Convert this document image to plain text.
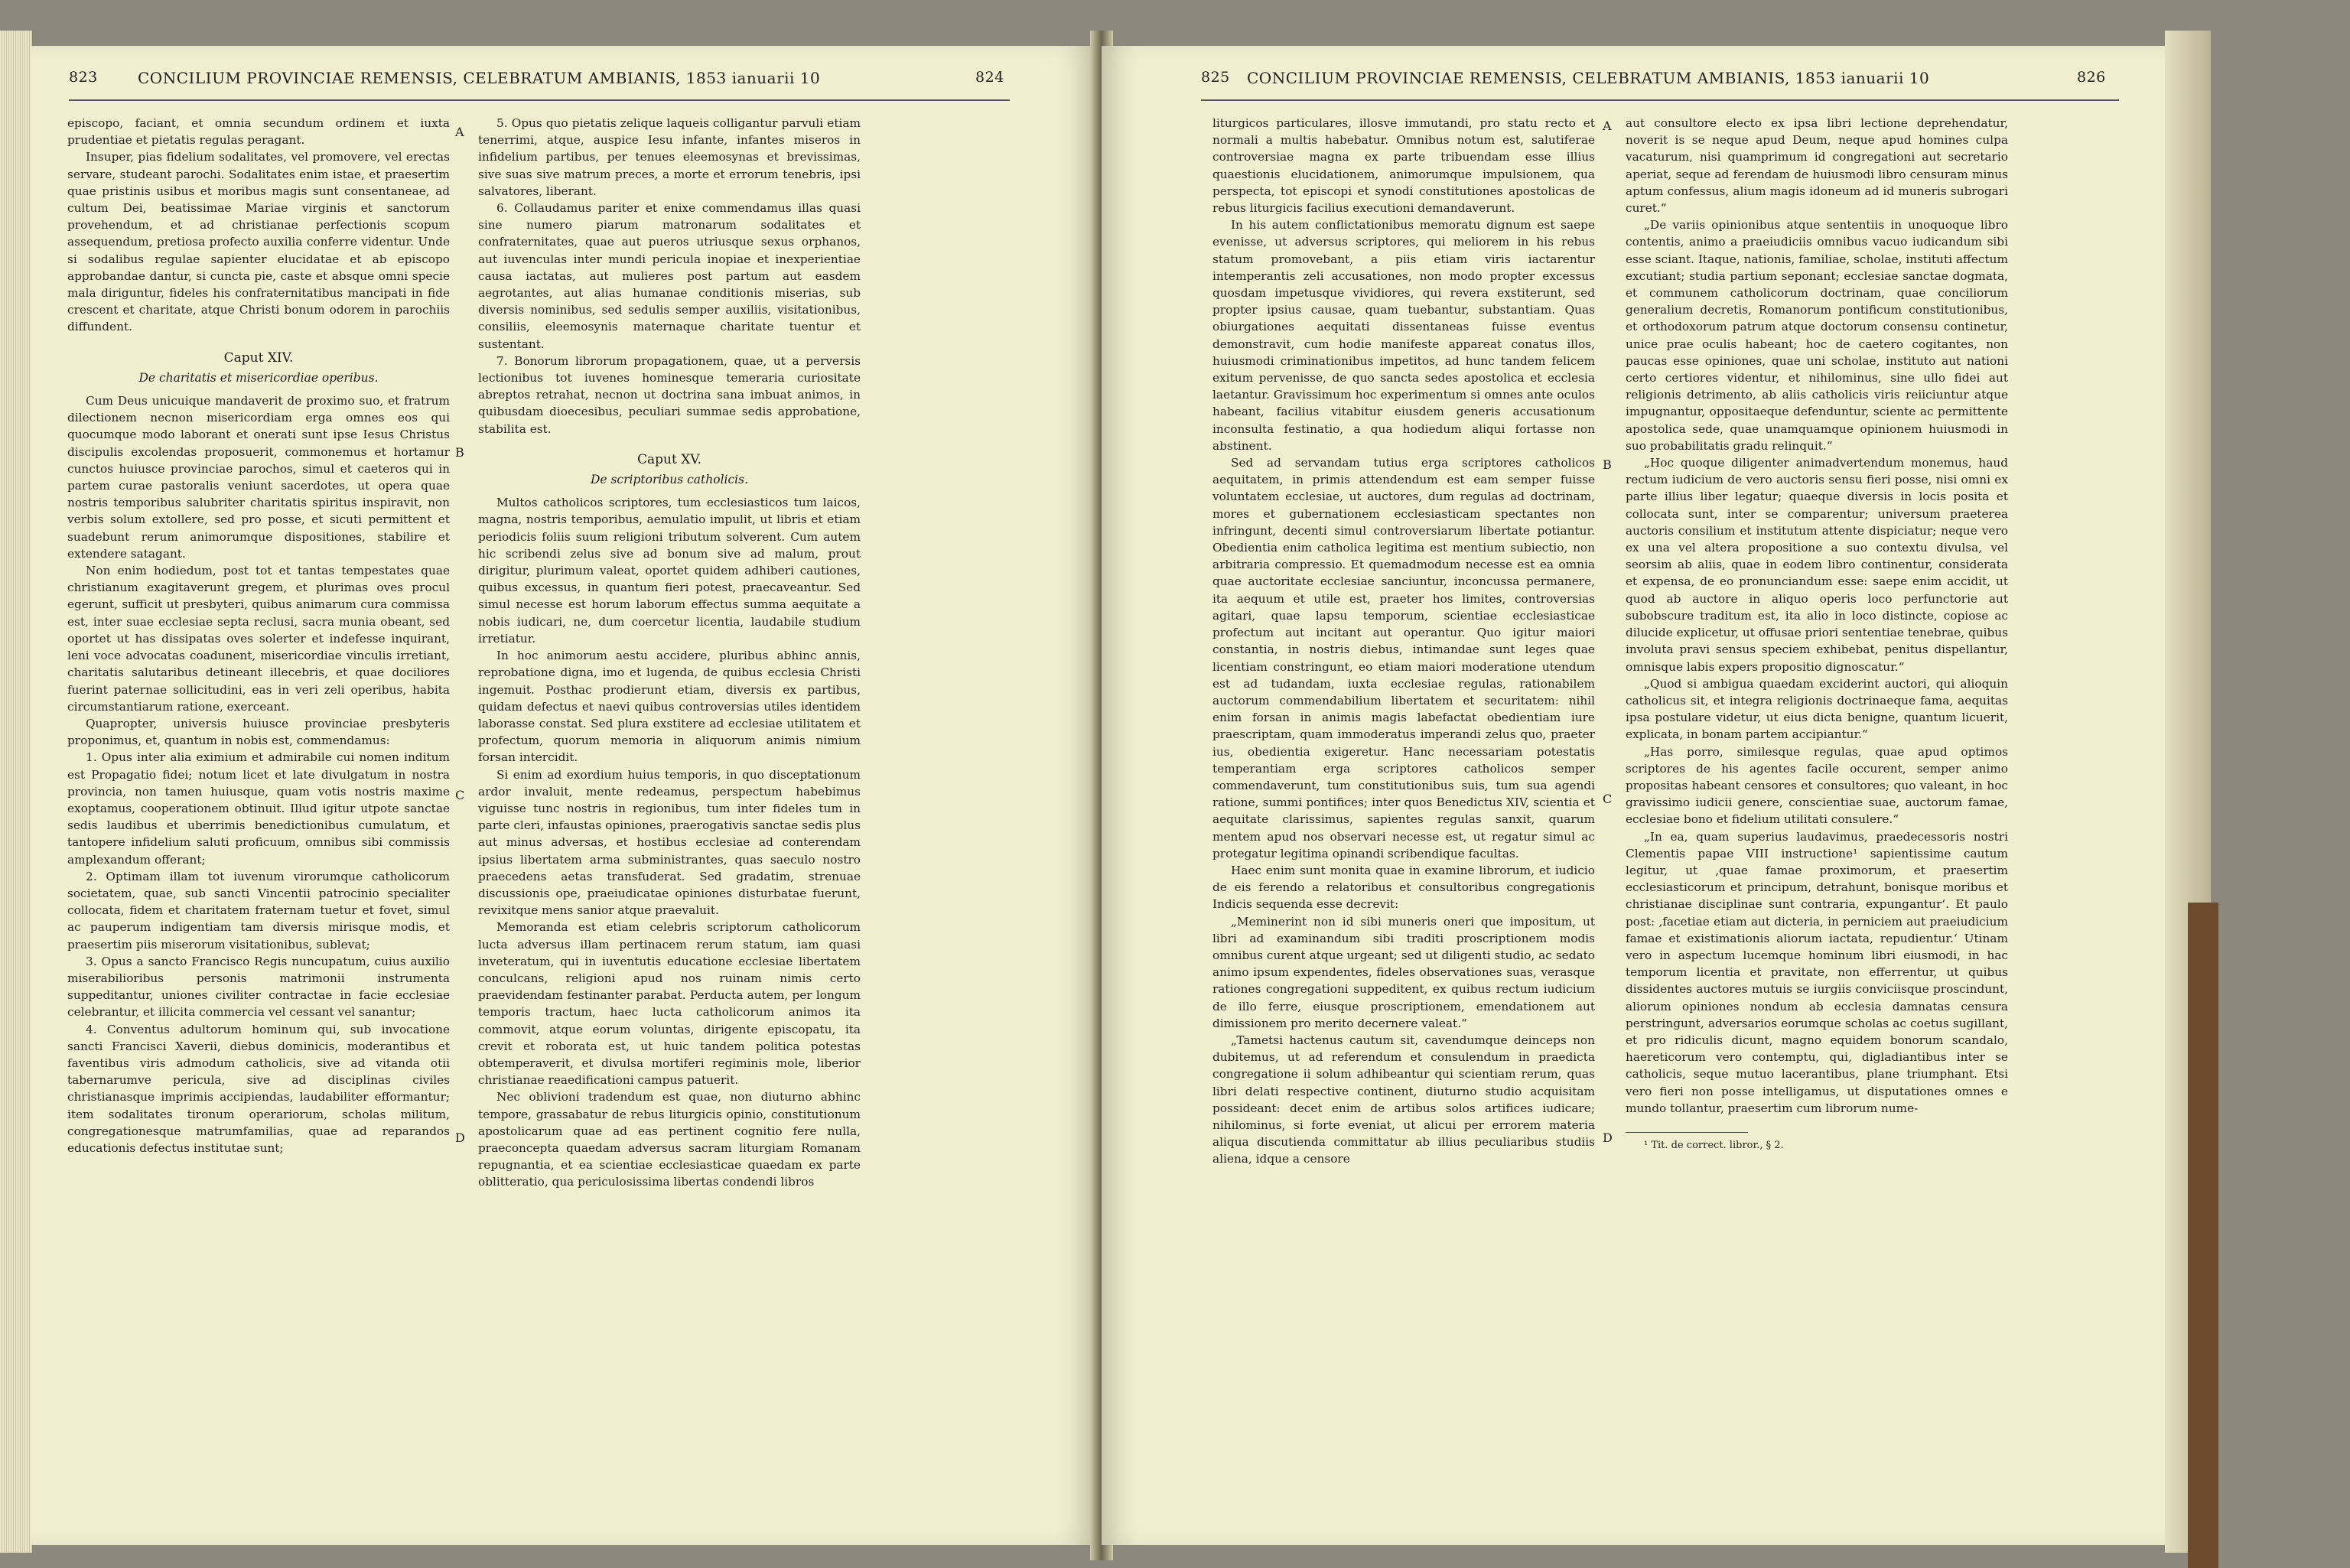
823	CONCILIUM PROVINCIAE REMENSIS, CELEBRATUM AMBIANIS, 1853 ianuarii 10	824
A
B
C
D

episcopo, faciant, et omnia secundum ordinem et iuxta prudentiae et pietatis regulas peragant.

Insuper, pias fidelium sodalitates, vel promovere, vel erectas servare, studeant parochi. Sodalitates enim istae, et praesertim quae pristinis usibus et moribus magis sunt consentaneae, ad cultum Dei, beatissimae Mariae virginis et sanctorum provehendum, et ad christianae perfectionis scopum assequendum, pretiosa profecto auxilia conferre videntur. Unde si sodalibus regulae sapienter elucidatae et ab episcopo approbandae dantur, si cuncta pie, caste et absque omni specie mala diriguntur, fideles his confraternitatibus mancipati in fide crescent et charitate, atque Christi bonum odorem in parochiis diffundent.

Caput XIV.
De charitatis et misericordiae operibus.

Cum Deus unicuique mandaverit de proximo suo, et fratrum dilectionem necnon misericordiam erga omnes eos qui quocumque modo laborant et onerati sunt ipse Iesus Christus discipulis excolendas proposuerit, commonemus et hortamur cunctos huiusce provinciae parochos, simul et caeteros qui in partem curae pastoralis veniunt sacerdotes, ut opera quae nostris temporibus salubriter charitatis spiritus inspiravit, non verbis solum extollere, sed pro posse, et sicuti permittent et suadebunt rerum animorumque dispositiones, stabilire et extendere satagant.

Non enim hodiedum, post tot et tantas tempestates quae christianum exagitaverunt gregem, et plurimas oves procul egerunt, sufficit ut presbyteri, quibus animarum cura commissa est, inter suae ecclesiae septa reclusi, sacra munia obeant, sed oportet ut has dissipatas oves solerter et indefesse inquirant, leni voce advocatas coadunent, misericordiae vinculis irretiant, charitatis salutaribus detineant illecebris, et quae dociliores fuerint paternae sollicitudini, eas in veri zeli operibus, habita circumstantiarum ratione, exerceant.

Quapropter, universis huiusce provinciae presbyteris proponimus, et, quantum in nobis est, commendamus:

1. Opus inter alia eximium et admirabile cui nomen inditum est Propagatio fidei; notum licet et late divulgatum in nostra provincia, non tamen huiusque, quam votis nostris maxime exoptamus, cooperationem obtinuit. Illud igitur utpote sanctae sedis laudibus et uberrimis benedictionibus cumulatum, et tantopere infidelium saluti proficuum, omnibus sibi commissis amplexandum offerant;

2. Optimam illam tot iuvenum virorumque catholicorum societatem, quae, sub sancti Vincentii patrocinio specialiter collocata, fidem et charitatem fraternam tuetur et fovet, simul ac pauperum indigentiam tam diversis mirisque modis, et praesertim piis miserorum visitationibus, sublevat;

3. Opus a sancto Francisco Regis nuncupatum, cuius auxilio miserabilioribus personis matrimonii instrumenta suppeditantur, uniones civiliter contractae in facie ecclesiae celebrantur, et illicita commercia vel cessant vel sanantur;

4. Conventus adultorum hominum qui, sub invocatione sancti Francisci Xaverii, diebus dominicis, moderantibus et faventibus viris admodum catholicis, sive ad vitanda otii tabernarumve pericula, sive ad disciplinas civiles christianasque imprimis accipiendas, laudabiliter efformantur; item sodalitates tironum operariorum, scholas militum, congregationesque matrumfamilias, quae ad reparandos educationis defectus institutae sunt;

5. Opus quo pietatis zelique laqueis colligantur parvuli etiam tenerrimi, atque, auspice Iesu infante, infantes miseros in infidelium partibus, per tenues eleemosynas et brevissimas, sive suas sive matrum preces, a morte et errorum tenebris, ipsi salvatores, liberant.

6. Collaudamus pariter et enixe commendamus illas quasi sine numero piarum matronarum sodalitates et confraternitates, quae aut pueros utriusque sexus orphanos, aut iuvenculas inter mundi pericula inopiae et inexperientiae causa iactatas, aut mulieres post partum aut easdem aegrotantes, aut alias humanae conditionis miserias, sub diversis nominibus, sed sedulis semper auxiliis, visitationibus, consiliis, eleemosynis maternaque charitate tuentur et sustentant.

7. Bonorum librorum propagationem, quae, ut a perversis lectionibus tot iuvenes hominesque temeraria curiositate abreptos retrahat, necnon ut doctrina sana imbuat animos, in quibusdam dioecesibus, peculiari summae sedis approbatione, stabilita est.

Caput XV.
De scriptoribus catholicis.

Multos catholicos scriptores, tum ecclesiasticos tum laicos, magna, nostris temporibus, aemulatio impulit, ut libris et etiam periodicis foliis suum religioni tributum solverent. Cum autem hic scribendi zelus sive ad bonum sive ad malum, prout dirigitur, plurimum valeat, oportet quidem adhiberi cautiones, quibus excessus, in quantum fieri potest, praecaveantur. Sed simul necesse est horum laborum effectus summa aequitate a nobis iudicari, ne, dum coercetur licentia, laudabile studium irretiatur.

In hoc animorum aestu accidere, pluribus abhinc annis, reprobatione digna, imo et lugenda, de quibus ecclesia Christi ingemuit. Posthac prodierunt etiam, diversis ex partibus, quidam defectus et naevi quibus controversias utiles identidem laborasse constat. Sed plura exstitere ad ecclesiae utilitatem et profectum, quorum memoria in aliquorum animis nimium forsan intercidit.

Si enim ad exordium huius temporis, in quo disceptationum ardor invaluit, mente redeamus, perspectum habebimus viguisse tunc nostris in regionibus, tum inter fideles tum in parte cleri, infaustas opiniones, praerogativis sanctae sedis plus aut minus adversas, et hostibus ecclesiae ad conterendam ipsius libertatem arma subministrantes, quas saeculo nostro praecedens aetas transfuderat. Sed gradatim, strenuae discussionis ope, praeiudicatae opiniones disturbatae fuerunt, revixitque mens sanior atque praevaluit.

Memoranda est etiam celebris scriptorum catholicorum lucta adversus illam pertinacem rerum statum, iam quasi inveteratum, qui in iuventutis educatione ecclesiae libertatem conculcans, religioni apud nos ruinam nimis certo praevidendam festinanter parabat. Perducta autem, per longum temporis tractum, haec lucta catholicorum animos ita commovit, atque eorum voluntas, dirigente episcopatu, ita crevit et roborata est, ut huic tandem politica potestas obtemperaverit, et divulsa mortiferi regiminis mole, liberior christianae reaedificationi campus patuerit.

Nec oblivioni tradendum est quae, non diuturno abhinc tempore, grassabatur de rebus liturgicis opinio, constitutionum apostolicarum quae ad eas pertinent cognitio fere nulla, praeconcepta quaedam adversus sacram liturgiam Romanam repugnantia, et ea scientiae ecclesiasticae quaedam ex parte oblitteratio, qua periculosissima libertas condendi libros

825 CONCILIUM PROVINCIAE REMENSIS, CELEBRATUM AMBIANIS, 1853 ianuarii 10	826
A
B
C
D

liturgicos particulares, illosve immutandi, pro statu recto et normali a multis habebatur. Omnibus notum est, salutiferae controversiae magna ex parte tribuendam esse illius quaestionis elucidationem, animorumque impulsionem, qua perspecta, tot episcopi et synodi constitutiones apostolicas de rebus liturgicis facilius executioni demandaverunt.

In his autem conflictationibus memoratu dignum est saepe evenisse, ut adversus scriptores, qui meliorem in his rebus statum promovebant, a piis etiam viris iactarentur intemperantis zeli accusationes, non modo propter excessus quosdam impetusque vividiores, qui revera exstiterunt, sed propter ipsius causae, quam tuebantur, substantiam. Quas obiurgationes aequitati dissentaneas fuisse eventus demonstravit, cum hodie manifeste appareat conatus illos, huiusmodi criminationibus impetitos, ad hunc tandem felicem exitum pervenisse, de quo sancta sedes apostolica et ecclesia laetantur. Gravissimum hoc experimentum si omnes ante oculos habeant, facilius vitabitur eiusdem generis accusationum inconsulta festinatio, a qua hodiedum aliqui fortasse non abstinent.

Sed ad servandam tutius erga scriptores catholicos aequitatem, in primis attendendum est eam semper fuisse voluntatem ecclesiae, ut auctores, dum regulas ad doctrinam, mores et gubernationem ecclesiasticam spectantes non infringunt, decenti simul controversiarum libertate potiantur. Obedientia enim catholica legitima est mentium subiectio, non arbitraria compressio. Et quemadmodum necesse est ea omnia quae auctoritate ecclesiae sanciuntur, inconcussa permanere, ita aequum et utile est, praeter hos limites, controversias agitari, quae lapsu temporum, scientiae ecclesiasticae profectum aut incitant aut operantur. Quo igitur maiori constantia, in nostris diebus, intimandae sunt leges quae licentiam constringunt, eo etiam maiori moderatione utendum est ad tudandam, iuxta ecclesiae regulas, rationabilem auctorum commendabilium libertatem et securitatem: nihil enim forsan in animis magis labefactat obedientiam iure praescriptam, quam immoderatus imperandi zelus quo, praeter ius, obedientia exigeretur. Hanc necessariam potestatis temperantiam erga scriptores catholicos semper commendaverunt, tum constitutionibus suis, tum sua agendi ratione, summi pontifices; inter quos Benedictus XIV, scientia et aequitate clarissimus, sapientes regulas sanxit, quarum mentem apud nos observari necesse est, ut regatur simul ac protegatur legitima opinandi scribendique facultas.

Haec enim sunt monita quae in examine librorum, et iudicio de eis ferendo a relatoribus et consultoribus congregationis Indicis sequenda esse decrevit:

„Meminerint non id sibi muneris oneri que impositum, ut libri ad examinandum sibi traditi proscriptionem modis omnibus curent atque urgeant; sed ut diligenti studio, ac sedato animo ipsum expendentes, fideles observationes suas, verasque rationes congregationi suppeditent, ex quibus rectum iudicium de illo ferre, eiusque proscriptionem, emendationem aut dimissionem pro merito decernere valeat.“

„Tametsi hactenus cautum sit, cavendumque deinceps non dubitemus, ut ad referendum et consulendum in praedicta congregatione ii solum adhibeantur qui scientiam rerum, quas libri delati respective continent, diuturno studio acquisitam possideant: decet enim de artibus solos artifices iudicare; nihilominus, si forte eveniat, ut alicui per errorem materia aliqua discutienda committatur ab illius peculiaribus studiis aliena, idque a censore

aut consultore electo ex ipsa libri lectione deprehendatur, noverit is se neque apud Deum, neque apud homines culpa vacaturum, nisi quamprimum id congregationi aut secretario aperiat, seque ad ferendam de huiusmodi libro censuram minus aptum confessus, alium magis idoneum ad id muneris subrogari curet.“

„De variis opinionibus atque sententiis in unoquoque libro contentis, animo a praeiudiciis omnibus vacuo iudicandum sibi esse sciant. Itaque, nationis, familiae, scholae, instituti affectum excutiant; studia partium seponant; ecclesiae sanctae dogmata, et communem catholicorum doctrinam, quae conciliorum generalium decretis, Romanorum pontificum constitutionibus, et orthodoxorum patrum atque doctorum consensu continetur, unice prae oculis habeant; hoc de caetero cogitantes, non paucas esse opiniones, quae uni scholae, instituto aut nationi certo certiores videntur, et nihilominus, sine ullo fidei aut religionis detrimento, ab aliis catholicis viris reiiciuntur atque impugnantur, oppositaeque defenduntur, sciente ac permittente apostolica sede, quae unamquamque opinionem huiusmodi in suo probabilitatis gradu relinquit.“

„Hoc quoque diligenter animadvertendum monemus, haud rectum iudicium de vero auctoris sensu fieri posse, nisi omni ex parte illius liber legatur; quaeque diversis in locis posita et collocata sunt, inter se comparentur; universum praeterea auctoris consilium et institutum attente dispiciatur; neque vero ex una vel altera propositione a suo contextu divulsa, vel seorsim ab aliis, quae in eodem libro continentur, considerata et expensa, de eo pronunciandum esse: saepe enim accidit, ut quod ab auctore in aliquo operis loco perfunctorie aut subobscure traditum est, ita alio in loco distincte, copiose ac dilucide explicetur, ut offusae priori sententiae tenebrae, quibus involuta pravi sensus speciem exhibebat, penitus dispellantur, omnisque labis expers propositio dignoscatur.“

„Quod si ambigua quaedam exciderint auctori, qui alioquin catholicus sit, et integra religionis doctrinaeque fama, aequitas ipsa postulare videtur, ut eius dicta benigne, quantum licuerit, explicata, in bonam partem accipiantur.“

„Has porro, similesque regulas, quae apud optimos scriptores de his agentes facile occurent, semper animo propositas habeant censores et consultores; quo valeant, in hoc gravissimo iudicii genere, conscientiae suae, auctorum famae, ecclesiae bono et fidelium utilitati consulere.“

„In ea, quam superius laudavimus, praedecessoris nostri Clementis papae VIII instructione¹ sapientissime cautum legitur, ut ‚quae famae proximorum, et praesertim ecclesiasticorum et principum, detrahunt, bonisque moribus et christianae disciplinae sunt contraria, expungantur‘. Et paulo post: ‚facetiae etiam aut dicteria, in perniciem aut praeiudicium famae et existimationis aliorum iactata, repudientur.‘ Utinam vero in aspectum lucemque hominum libri eiusmodi, in hac temporum licentia et pravitate, non efferrentur, ut quibus dissidentes auctores mutuis se iurgiis conviciisque proscindunt, aliorum opiniones nondum ab ecclesia damnatas censura perstringunt, adversarios eorumque scholas ac coetus sugillant, et pro ridiculis dicunt, magno equidem bonorum scandalo, haereticorum vero contemptu, qui, digladiantibus inter se catholicis, seque mutuo lacerantibus, plane triumphant. Etsi vero fieri non posse intelligamus, ut disputationes omnes e mundo tollantur, praesertim cum librorum nume-

¹ Tit. de correct. libror., § 2.
